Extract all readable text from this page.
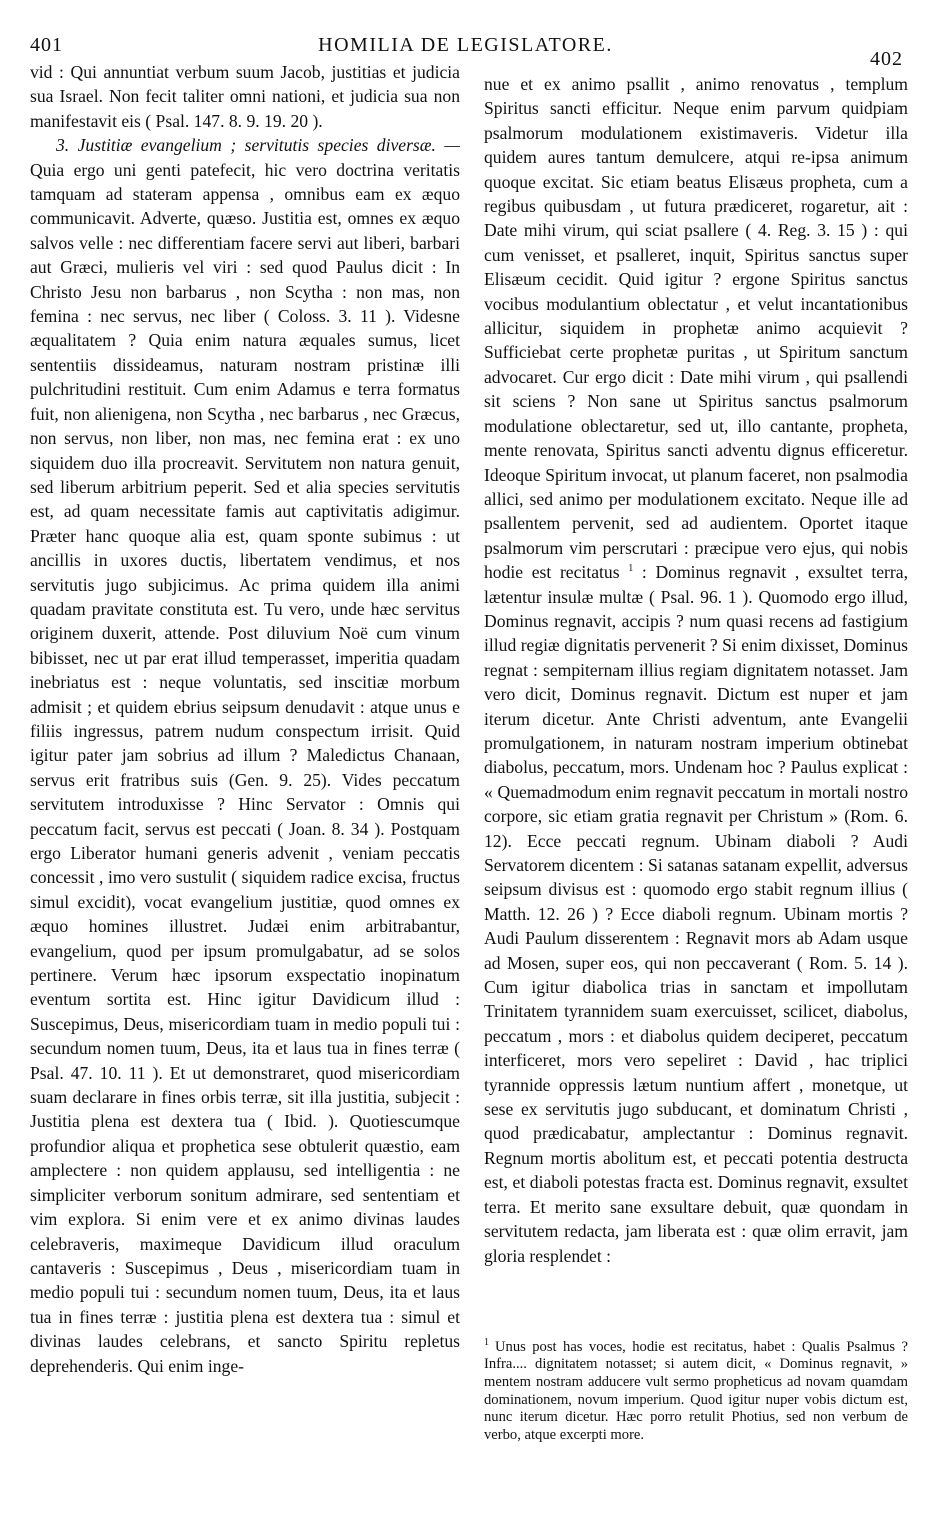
401	HOMILIA DE LEGISLATORE.
402

vid : Qui annuntiat verbum suum Jacob, justitias et judicia sua Israel. Non fecit taliter omni nationi, et judicia sua non manifestavit eis ( Psal. 147. 8. 9. 19. 20 ).

3. Justitiæ evangelium ; servitutis species diversæ. — Quia ergo uni genti patefecit, hic vero doctrina veritatis tamquam ad stateram appensa , omnibus eam ex æquo communicavit. Adverte, quæso. Justitia est, omnes ex æquo salvos velle : nec differentiam facere servi aut liberi, barbari aut Græci, mulieris vel viri : sed quod Paulus dicit : In Christo Jesu non barbarus , non Scytha : non mas, non femina : nec servus, nec liber ( Coloss. 3. 11 ). Videsne æqualitatem ? Quia enim natura æquales sumus, licet sententiis dissideamus, naturam nostram pristinæ illi pulchritudini restituit. Cum enim Adamus e terra formatus fuit, non alienigena, non Scytha , nec barbarus , nec Græcus, non servus, non liber, non mas, nec femina erat : ex uno siquidem duo illa procreavit. Servitutem non natura genuit, sed liberum arbitrium peperit. Sed et alia species servitutis est, ad quam necessitate famis aut captivitatis adigimur. Præter hanc quoque alia est, quam sponte subimus : ut ancillis in uxores ductis, libertatem vendimus, et nos servitutis jugo subjicimus. Ac prima quidem illa animi quadam pravitate constituta est. Tu vero, unde hæc servitus originem duxerit, attende. Post diluvium Noë cum vinum bibisset, nec ut par erat illud temperasset, imperitia quadam inebriatus est : neque voluntatis, sed inscitiæ morbum admisit ; et quidem ebrius seipsum denudavit : atque unus e filiis ingressus, patrem nudum conspectum irrisit. Quid igitur pater jam sobrius ad illum ? Maledictus Chanaan, servus erit fratribus suis (Gen. 9. 25). Vides peccatum servitutem introduxisse ? Hinc Servator : Omnis qui peccatum facit, servus est peccati ( Joan. 8. 34 ). Postquam ergo Liberator humani generis advenit , veniam peccatis concessit , imo vero sustulit ( siquidem radice excisa, fructus simul excidit), vocat evangelium justitiæ, quod omnes ex æquo homines illustret. Judæi enim arbitrabantur, evangelium, quod per ipsum promulgabatur, ad se solos pertinere. Verum hæc ipsorum exspectatio inopinatum eventum sortita est. Hinc igitur Davidicum illud : Suscepimus, Deus, misericordiam tuam in medio populi tui : secundum nomen tuum, Deus, ita et laus tua in fines terræ ( Psal. 47. 10. 11 ). Et ut demonstraret, quod misericordiam suam declarare in fines orbis terræ, sit illa justitia, subjecit : Justitia plena est dextera tua ( Ibid. ). Quotiescumque profundior aliqua et prophetica sese obtulerit quæstio, eam amplectere : non quidem applausu, sed intelligentia : ne simpliciter verborum sonitum admirare, sed sententiam et vim explora. Si enim vere et ex animo divinas laudes celebraveris, maximeque Davidicum illud oraculum cantaveris : Suscepimus , Deus , misericordiam tuam in medio populi tui : secundum nomen tuum, Deus, ita et laus tua in fines terræ : justitia plena est dextera tua : simul et divinas laudes celebrans, et sancto Spiritu repletus deprehenderis. Qui enim inge-

nue et ex animo psallit , animo renovatus , templum Spiritus sancti efficitur. Neque enim parvum quidpiam psalmorum modulationem existimaveris. Videtur illa quidem aures tantum demulcere, atqui re-ipsa animum quoque excitat. Sic etiam beatus Elisæus propheta, cum a regibus quibusdam , ut futura prædiceret, rogaretur, ait : Date mihi virum, qui sciat psallere ( 4. Reg. 3. 15 ) : qui cum venisset, et psalleret, inquit, Spiritus sanctus super Elisæum cecidit. Quid igitur ? ergone Spiritus sanctus vocibus modulantium oblectatur , et velut incantationibus allicitur, siquidem in prophetæ animo acquievit ? Sufficiebat certe prophetæ puritas , ut Spiritum sanctum advocaret. Cur ergo dicit : Date mihi virum , qui psallendi sit sciens ? Non sane ut Spiritus sanctus psalmorum modulatione oblectaretur, sed ut, illo cantante, propheta, mente renovata, Spiritus sancti adventu dignus efficeretur. Ideoque Spiritum invocat, ut planum faceret, non psalmodia allici, sed animo per modulationem excitato. Neque ille ad psallentem pervenit, sed ad audientem. Oportet itaque psalmorum vim perscrutari : præcipue vero ejus, qui nobis hodie est recitatus $^1$ : Dominus regnavit , exsultet terra, lætentur insulæ multæ ( Psal. 96. 1 ). Quomodo ergo illud, Dominus regnavit, accipis ? num quasi recens ad fastigium illud regiæ dignitatis pervenerit ? Si enim dixisset, Dominus regnat : sempiternam illius regiam dignitatem notasset. Jam vero dicit, Dominus regnavit. Dictum est nuper et jam iterum dicetur. Ante Christi adventum, ante Evangelii promulgationem, in naturam nostram imperium obtinebat diabolus, peccatum, mors. Undenam hoc ? Paulus explicat : « Quemadmodum enim regnavit peccatum in mortali nostro corpore, sic etiam gratia regnavit per Christum » (Rom. 6. 12). Ecce peccati regnum. Ubinam diaboli ? Audi Servatorem dicentem : Si satanas satanam expellit, adversus seipsum divisus est : quomodo ergo stabit regnum illius ( Matth. 12. 26 ) ? Ecce diaboli regnum. Ubinam mortis ? Audi Paulum disserentem : Regnavit mors ab Adam usque ad Mosen, super eos, qui non peccaverant ( Rom. 5. 14 ). Cum igitur diabolica trias in sanctam et impollutam Trinitatem tyrannidem suam exercuisset, scilicet, diabolus, peccatum , mors : et diabolus quidem deciperet, peccatum interficeret, mors vero sepeliret : David , hac triplici tyrannide oppressis lætum nuntium affert , monetque, ut sese ex servitutis jugo subducant, et dominatum Christi , quod prædicabatur, amplectantur : Dominus regnavit. Regnum mortis abolitum est, et peccati potentia destructa est, et diaboli potestas fracta est. Dominus regnavit, exsultet terra. Et merito sane exsultare debuit, quæ quondam in servitutem redacta, jam liberata est : quæ olim erravit, jam gloria resplendet :

$^1$ Unus post has voces, hodie est recitatus, habet : Qualis Psalmus ? Infra.... dignitatem notasset; si autem dicit, « Dominus regnavit, » mentem nostram adducere vult sermo propheticus ad novam quamdam dominationem, novum imperium. Quod igitur nuper vobis dictum est, nunc iterum dicetur. Hæc porro retulit Photius, sed non verbum de verbo, atque excerpti more.
